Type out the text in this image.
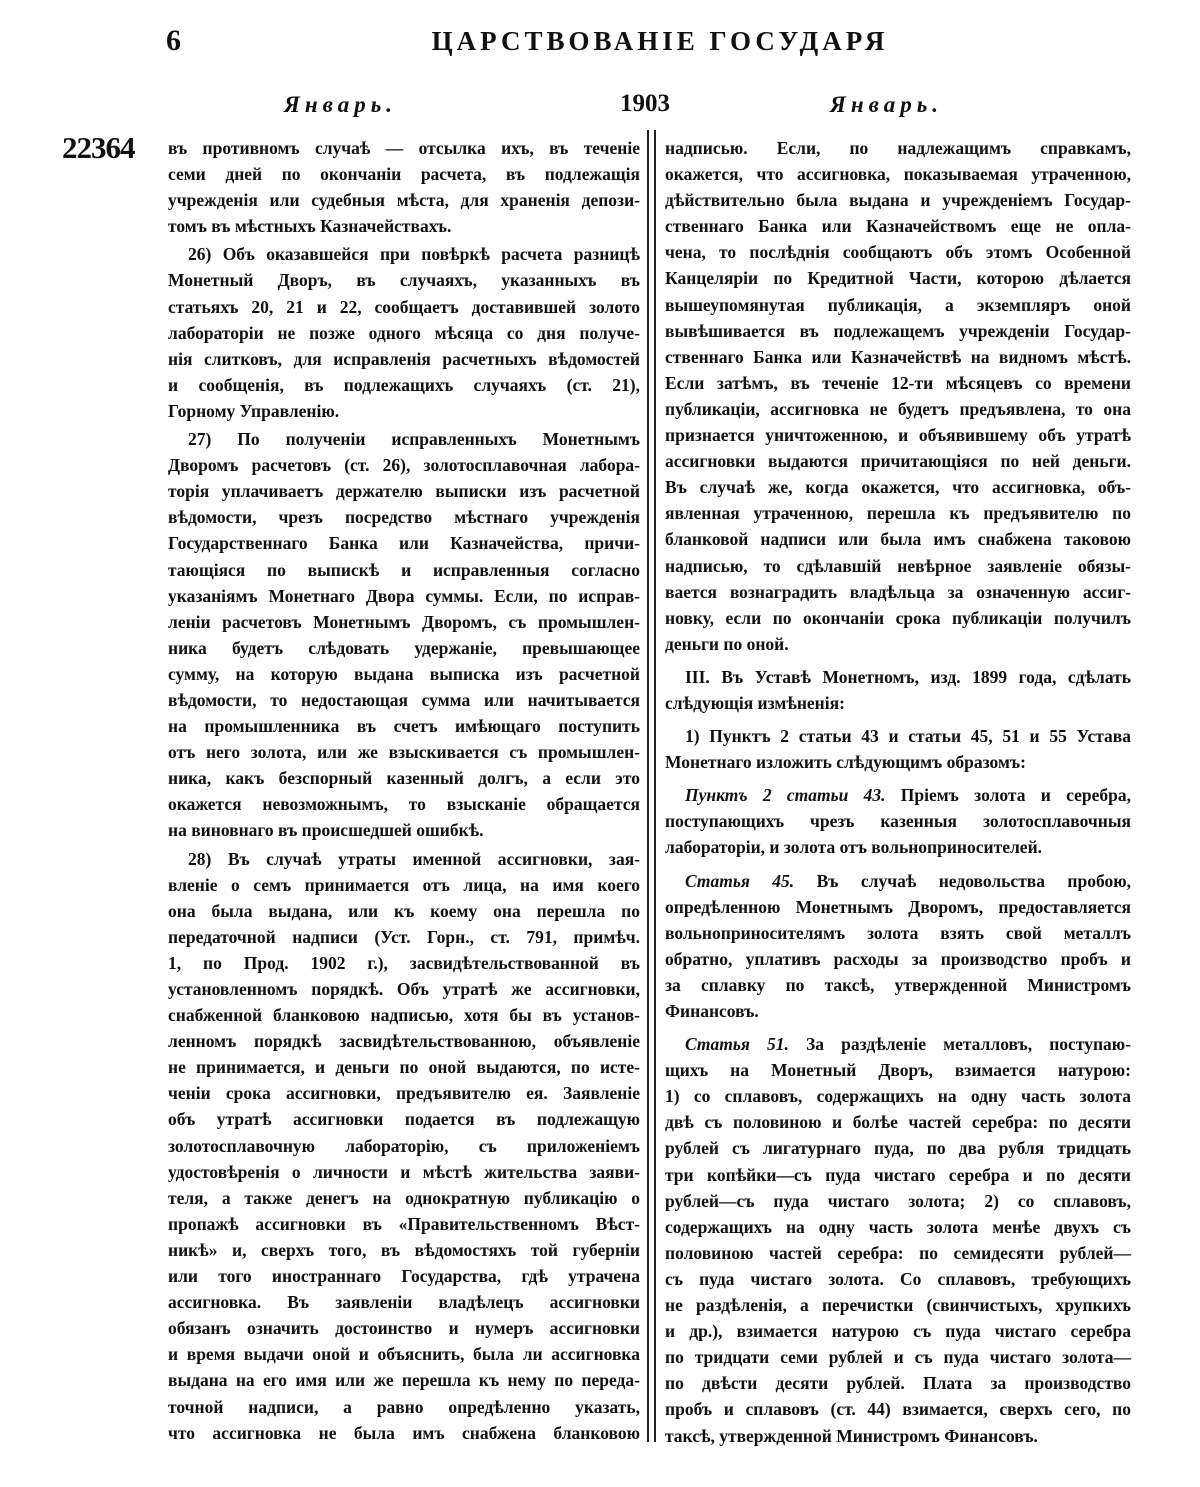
6	ЦАРСТВОВАНІЕ ГОСУДАРЯ
Январь.	1903	Январь.
22364 въ противномъ случаѣ — отсылка ихъ, въ теченіе
семи дней по окончаніи расчета, въ подлежащія
учрежденія или судебныя мѣста, для храненія депози-
томъ въ мѣстныхъ Казначействахъ.
26) Объ оказавшейся при повѣркѣ расчета разницѣ
Монетный Дворъ, въ случаяхъ, указанныхъ въ
статьяхъ 20, 21 и 22, сообщаетъ доставившей золото
лабораторіи не позже одного мѣсяца со дня получе-
нія слитковъ, для исправленія расчетныхъ вѣдомостей
и сообщенія, въ подлежащихъ случаяхъ (ст. 21),
Горному Управленію.
27) По полученіи исправленныхъ Монетнымъ
Дворомъ расчетовъ (ст. 26), золотосплавочная лабора-
торія уплачиваетъ держателю выписки изъ расчетной
вѣдомости, чрезъ посредство мѣстнаго учрежденія
Государственнаго Банка или Казначейства, причи-
тающіяся по выпискѣ и исправленныя согласно
указаніямъ Монетнаго Двора суммы. Если, по исправ-
леніи расчетовъ Монетнымъ Дворомъ, съ промышлен-
ника будетъ слѣдовать удержаніе, превышающее
сумму, на которую выдана выписка изъ расчетной
вѣдомости, то недостающая сумма или начитывается
на промышленника въ счетъ имѣющаго поступить
отъ него золота, или же взыскивается съ промышлен-
ника, какъ безспорный казенный долгъ, а если это
окажется невозможнымъ, то взысканіе обращается
на виновнаго въ происшедшей ошибкѣ.
28) Въ случаѣ утраты именной ассигновки, зая-
вленіе о семъ принимается отъ лица, на имя коего
она была выдана, или къ коему она перешла по
передаточной надписи (Уст. Горн., ст. 791, примѣч.
1, по Прод. 1902 г.), засвидѣтельствованной въ
установленномъ порядкѣ. Объ утратѣ же ассигновки,
снабженной бланковою надписью, хотя бы въ установ-
ленномъ порядкѣ засвидѣтельствованною, объявленіе
не принимается, и деньги по оной выдаются, по исте-
ченіи срока ассигновки, предъявителю ея. Заявленіе
объ утратѣ ассигновки подается въ подлежащую
золотосплавочную лабораторію, съ приложеніемъ
удостовѣренія о личности и мѣстѣ жительства заяви-
теля, а также денегъ на однократную публикацію о
пропажѣ ассигновки въ «Правительственномъ Вѣст-
никѣ» и, сверхъ того, въ вѣдомостяхъ той губерніи
или того иностраннаго Государства, гдѣ утрачена
ассигновка. Въ заявленіи владѣлецъ ассигновки
обязанъ означить достоинство и нумеръ ассигновки
и время выдачи оной и объяснить, была ли ассигновка
выдана на его имя или же перешла къ нему по переда-
точной надписи, а равно опредѣленно указать,
что ассигновка не была имъ снабжена бланковою
надписью. Если, по надлежащимъ справкамъ,
окажется, что ассигновка, показываемая утраченною,
дѣйствительно была выдана и учрежденіемъ Государ-
ственнаго Банка или Казначействомъ еще не опла-
чена, то послѣднія сообщаютъ объ этомъ Особенной
Канцеляріи по Кредитной Части, которою дѣлается
вышеупомянутая публикація, а экземпляръ оной
вывѣшивается въ подлежащемъ учрежденіи Государ-
ственнаго Банка или Казначействѣ на видномъ мѣстѣ.
Если затѣмъ, въ теченіе 12-ти мѣсяцевъ со времени
публикаціи, ассигновка не будетъ предъявлена, то она
признается уничтоженною, и объявившему объ утратѣ
ассигновки выдаются причитающіяся по ней деньги.
Въ случаѣ же, когда окажется, что ассигновка, объ-
явленная утраченною, перешла къ предъявителю по
бланковой надписи или была имъ снабжена таковою
надписью, то сдѣлавшій невѣрное заявленіе обязы-
вается вознаградить владѣльца за означенную ассиг-
новку, если по окончаніи срока публикаціи получилъ
деньги по оной.
III. Въ Уставѣ Монетномъ, изд. 1899 года, сдѣлать
слѣдующія измѣненія:
1) Пунктъ 2 статьи 43 и статьи 45, 51 и 55 Устава
Монетнаго изложить слѣдующимъ образомъ:
Пунктъ 2 статьи 43. Пріемъ золота и серебра,
поступающихъ чрезъ казенныя золотосплавочныя
лабораторіи, и золота отъ вольноприносителей.
Статья 45. Въ случаѣ недовольства пробою,
опредѣленною Монетнымъ Дворомъ, предоставляется
вольноприносителямъ золота взять свой металлъ
обратно, уплативъ расходы за производство пробъ и
за сплавку по таксѣ, утвержденной Министромъ
Финансовъ.
Статья 51. За раздѣленіе металловъ, поступаю-
щихъ на Монетный Дворъ, взимается натурою:
1) со сплавовъ, содержащихъ на одну часть золота
двѣ съ половиною и болѣе частей серебра: по десяти
рублей съ лигатурнаго пуда, по два рубля тридцать
три копѣйки—съ пуда чистаго серебра и по десяти
рублей—съ пуда чистаго золота; 2) со сплавовъ,
содержащихъ на одну часть золота менѣе двухъ съ
половиною частей серебра: по семидесяти рублей—
съ пуда чистаго золота. Со сплавовъ, требующихъ
не раздѣленія, а перечистки (свинчистыхъ, хрупкихъ
и др.), взимается натурою съ пуда чистаго серебра
по тридцати семи рублей и съ пуда чистаго золота—
по двѣсти десяти рублей. Плата за производство
пробъ и сплавовъ (ст. 44) взимается, сверхъ сего, по
таксѣ, утвержденной Министромъ Финансовъ.
